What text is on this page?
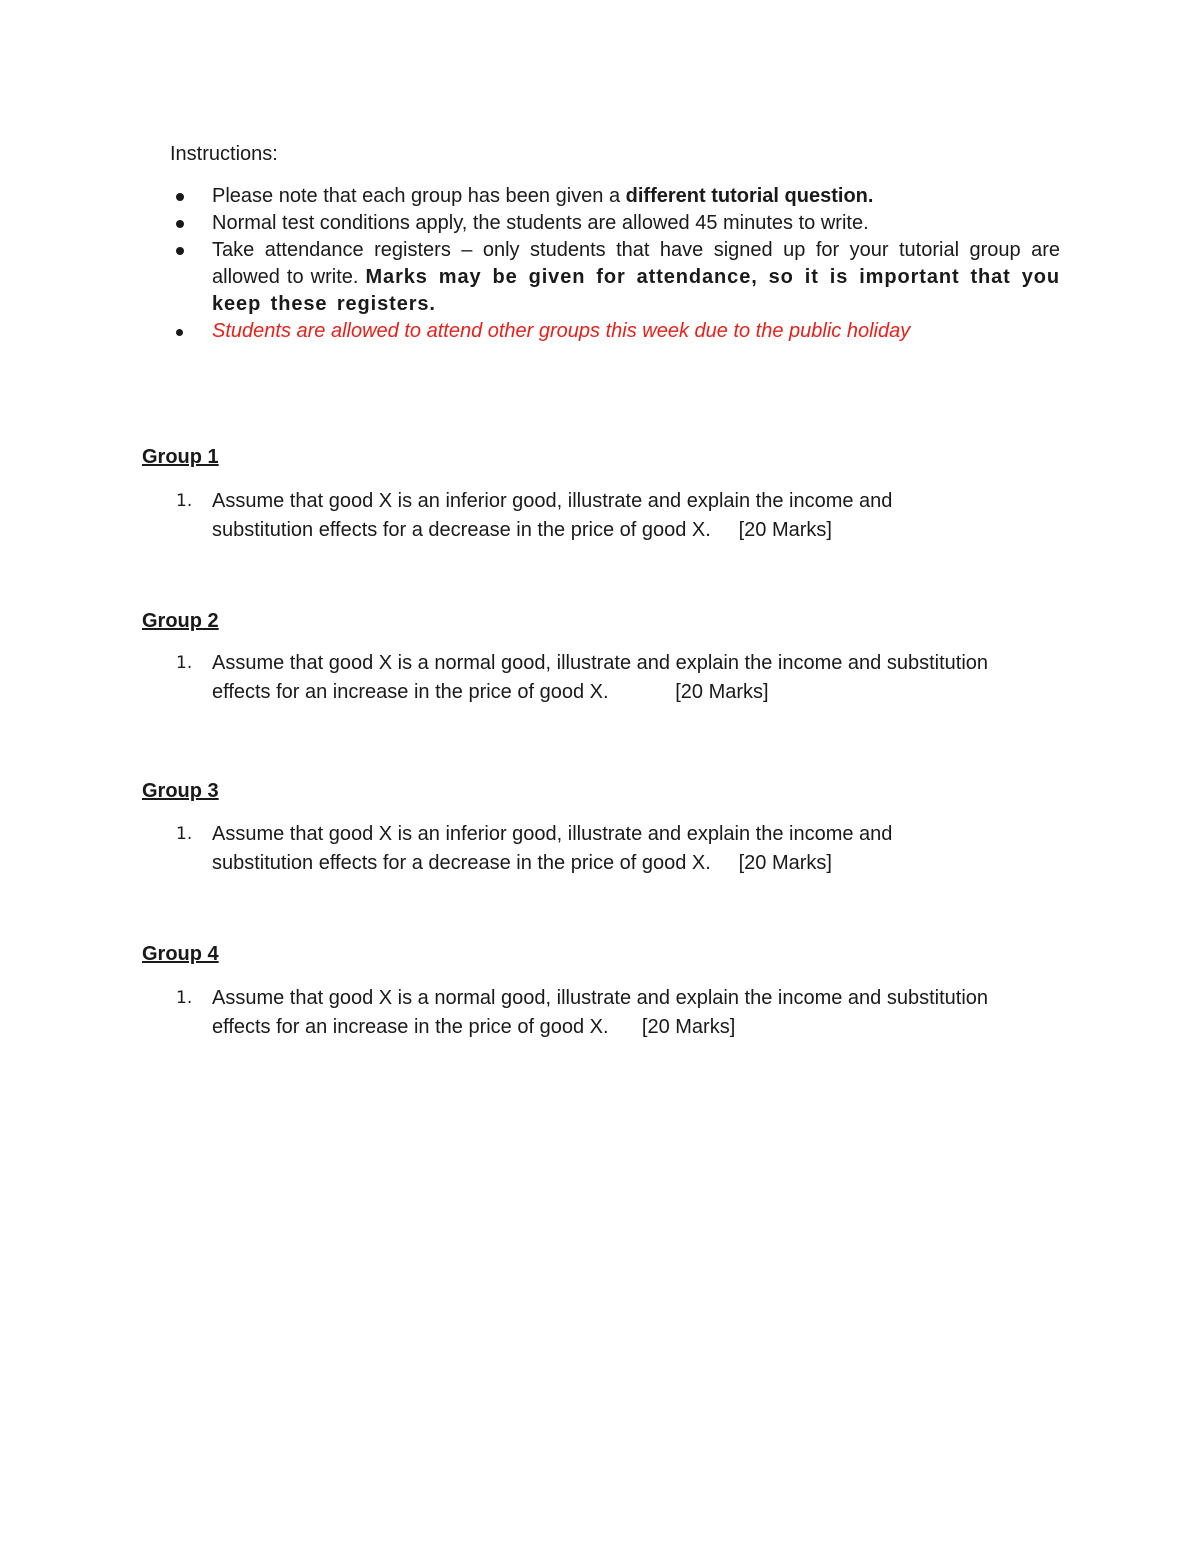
Instructions:
Please note that each group has been given a different tutorial question.
Normal test conditions apply, the students are allowed 45 minutes to write.
Take attendance registers – only students that have signed up for your tutorial group are allowed to write. Marks may be given for attendance, so it is important that you keep these registers.
Students are allowed to attend other groups this week due to the public holiday
Group 1
1. Assume that good X is an inferior good, illustrate and explain the income and
substitution effects for a decrease in the price of good X. [20 Marks]
Group 2
1. Assume that good X is a normal good, illustrate and explain the income and substitution
effects for an increase in the price of good X.	[20 Marks]
Group 3
1. Assume that good X is an inferior good, illustrate and explain the income and
substitution effects for a decrease in the price of good X. [20 Marks]
Group 4
1. Assume that good X is a normal good, illustrate and explain the income and substitution
effects for an increase in the price of good X. [20 Marks]
